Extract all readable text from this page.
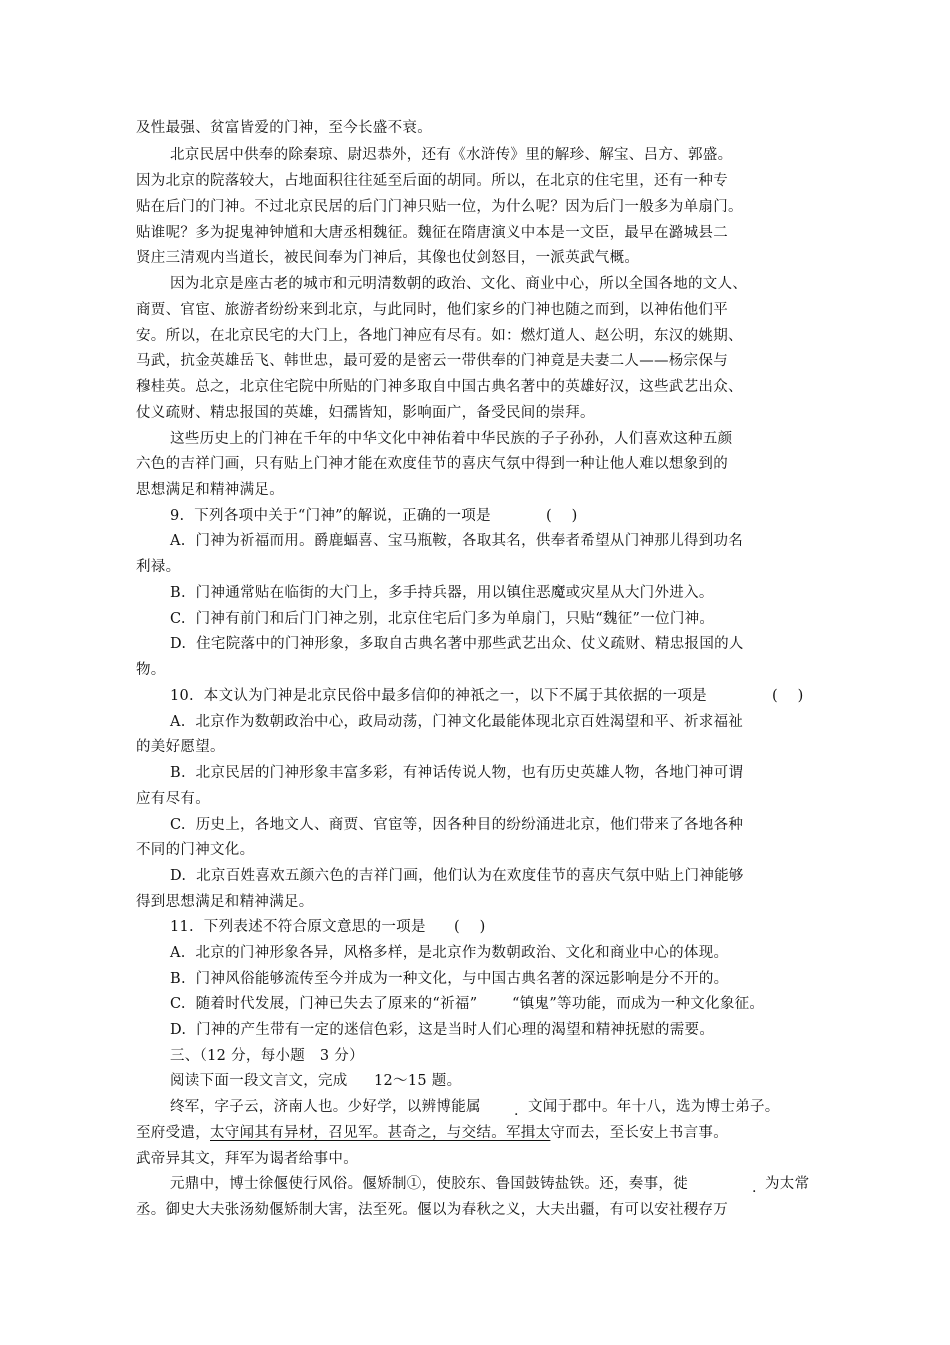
及性最强、贫富皆爱的门神，至今长盛不衰。
北京民居中供奉的除秦琼、尉迟恭外，还有《水浒传》里的解珍、解宝、吕方、郭盛。
因为北京的院落较大，占地面积往往延至后面的胡同。所以，在北京的住宅里，还有一种专
贴在后门的门神。不过北京民居的后门门神只贴一位，为什么呢？因为后门一般多为单扇门。
贴谁呢？多为捉鬼神钟馗和大唐丞相魏征。魏征在隋唐演义中本是一文臣，最早在潞城县二
贤庄三清观内当道长，被民间奉为门神后，其像也仗剑怒目，一派英武气概。
因为北京是座古老的城市和元明清数朝的政治、文化、商业中心，所以全国各地的文人、
商贾、官宦、旅游者纷纷来到北京，与此同时，他们家乡的门神也随之而到，以神佑他们平
安。所以，在北京民宅的大门上，各地门神应有尽有。如：燃灯道人、赵公明，东汉的姚期、
马武，抗金英雄岳飞、韩世忠，最可爱的是密云一带供奉的门神竟是夫妻二人——杨宗保与
穆桂英。总之，北京住宅院中所贴的门神多取自中国古典名著中的英雄好汉，这些武艺出众、
仗义疏财、精忠报国的英雄，妇孺皆知，影响面广，备受民间的崇拜。
这些历史上的门神在千年的中华文化中神佑着中华民族的子子孙孙，人们喜欢这种五颜
六色的吉祥门画，只有贴上门神才能在欢度佳节的喜庆气氛中得到一种让他人难以想象到的
思想满足和精神满足。
9.  下列各项中关于“门神”的解说，正确的一项是	(    )
A.  门神为祈福而用。爵鹿蝠喜、宝马瓶鞍，各取其名，供奉者希望从门神那儿得到功名
利禄。
B.  门神通常贴在临街的大门上，多手持兵器，用以镇住恶魔或灾星从大门外进入。
C.  门神有前门和后门门神之别，北京住宅后门多为单扇门，只贴“魏征”一位门神。
D.  住宅院落中的门神形象，多取自古典名著中那些武艺出众、仗义疏财、精忠报国的人
物。
10.  本文认为门神是北京民俗中最多信仰的神祇之一，以下不属于其依据的一项是	(    )
A.  北京作为数朝政治中心，政局动荡，门神文化最能体现北京百姓渴望和平、祈求福祉
的美好愿望。
B.  北京民居的门神形象丰富多彩，有神话传说人物，也有历史英雄人物，各地门神可谓
应有尽有。
C.  历史上，各地文人、商贾、官宦等，因各种目的纷纷涌进北京，他们带来了各地各种
不同的门神文化。
D.  北京百姓喜欢五颜六色的吉祥门画，他们认为在欢度佳节的喜庆气氛中贴上门神能够
得到思想满足和精神满足。
11.  下列表述不符合原文意思的一项是 (    )
A.  北京的门神形象各异，风格多样，是北京作为数朝政治、文化和商业中心的体现。
B.  门神风俗能够流传至今并成为一种文化，与中国古典名著的深远影响是分不开的。
C.  随着时代发展，门神已失去了原来的“祈福” “镇鬼”等功能，而成为一种文化象征。
D.  门神的产生带有一定的迷信色彩，这是当时人们心理的渴望和精神抚慰的需要。
三、（12 分，每小题   3 分）
阅读下面一段文言文，完成 12～15 题。
终军，字子云，济南人也。少好学，以辨博能属 . 文闻于郡中。年十八，选为博士弟子。
至府受遣，太守闻其有异材，召见军。甚奇之，与交结。军揖太守而去，至长安上书言事。
武帝异其文，拜军为谒者给事中。
元鼎中，博士徐偃使行风俗。偃矫制①，使胶东、鲁国鼓铸盐铁。还，奏事，徙	. 为太常
丞。御史大夫张汤劾偃矫制大害，法至死。偃以为春秋之义，大夫出疆，有可以安社稷存万
